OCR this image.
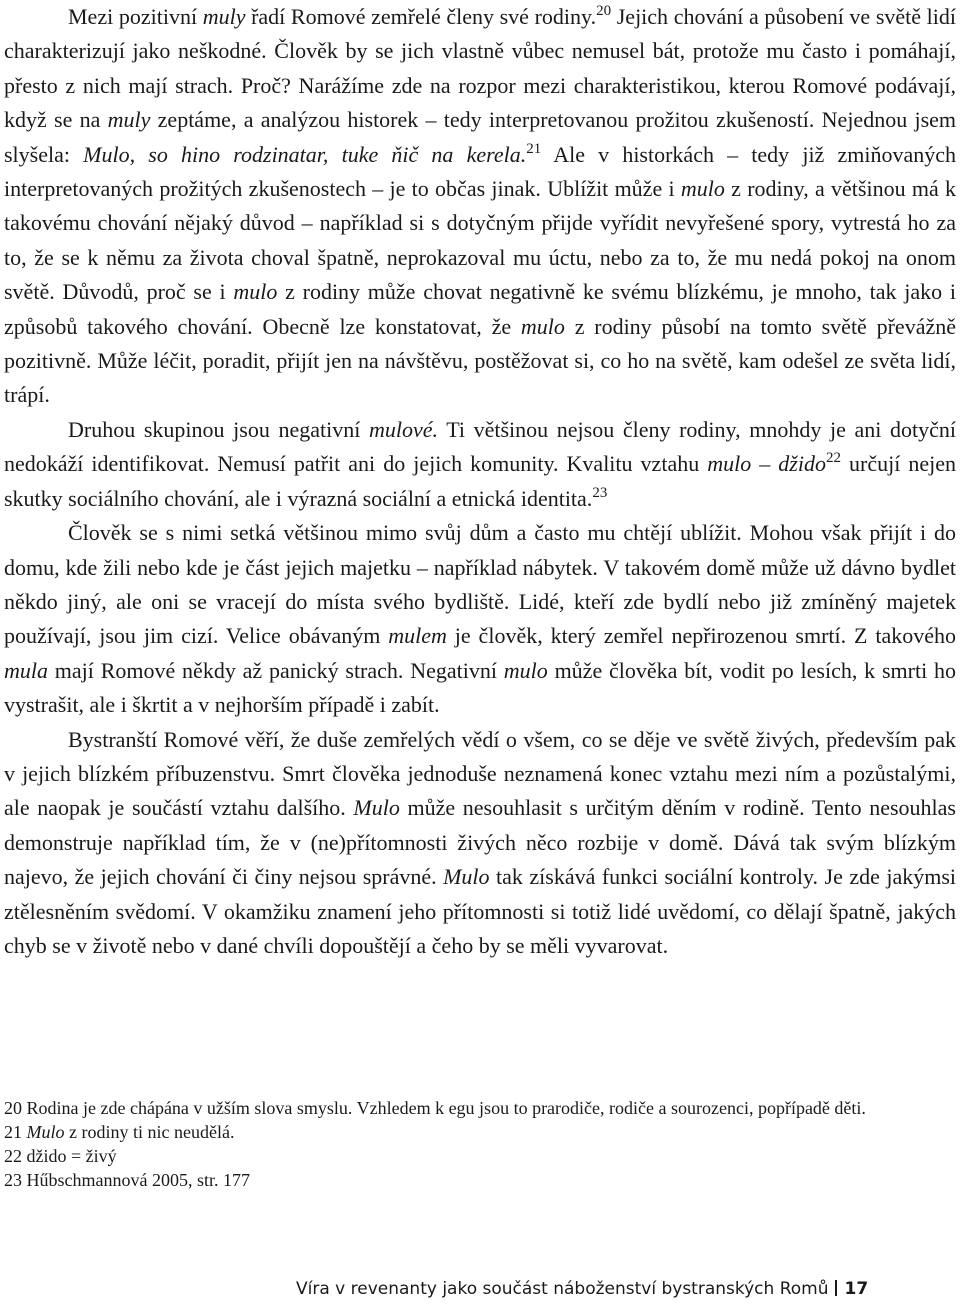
Mezi pozitivní muly řadí Romové zemřelé členy své rodiny.$^{20}$ Jejich chování a působení ve světě lidí charakterizují jako neškodné. Člověk by se jich vlastně vůbec nemusel bát, protože mu často i pomáhají, přesto z nich mají strach. Proč? Narážíme zde na rozpor mezi charakteristikou, kterou Romové podávají, když se na muly zeptáme, a analýzou historek – tedy interpretovanou prožitou zkušeností. Nejednou jsem slyšela: Mulo, so hino rodzinatar, tuke ňič na kerela.$^{21}$ Ale v historkách – tedy již zmiňovaných interpretovaných prožitých zkušenostech – je to občas jinak. Ublížit může i mulo z rodiny, a většinou má k takovému chování nějaký důvod – například si s dotyčným přijde vyřídit nevyřešené spory, vytrestá ho za to, že se k němu za života choval špatně, neprokazoval mu úctu, nebo za to, že mu nedá pokoj na onom světě. Důvodů, proč se i mulo z rodiny může chovat negativně ke svému blízkému, je mnoho, tak jako i způsobů takového chování. Obecně lze konstatovat, že mulo z rodiny působí na tomto světě převážně pozitivně. Může léčit, poradit, přijít jen na návštěvu, postěžovat si, co ho na světě, kam odešel ze světa lidí, trápí.

Druhou skupinou jsou negativní mulové. Ti většinou nejsou členy rodiny, mnohdy je ani dotyční nedokáží identifikovat. Nemusí patřit ani do jejich komunity. Kvalitu vztahu mulo – džido$^{22}$ určují nejen skutky sociálního chování, ale i výrazná sociální a etnická identita.$^{23}$

Člověk se s nimi setká většinou mimo svůj dům a často mu chtějí ublížit. Mohou však přijít i do domu, kde žili nebo kde je část jejich majetku – například nábytek. V takovém domě může už dávno bydlet někdo jiný, ale oni se vracejí do místa svého bydliště. Lidé, kteří zde bydlí nebo již zmíněný majetek používají, jsou jim cizí. Velice obávaným mulem je člověk, který zemřel nepřirozenou smrtí. Z takového mula mají Romové někdy až panický strach. Negativní mulo může člověka bít, vodit po lesích, k smrti ho vystrašit, ale i škrtit a v nejhorším případě i zabít.

Bystranští Romové věří, že duše zemřelých vědí o všem, co se děje ve světě živých, především pak v jejich blízkém příbuzenstvu. Smrt člověka jednoduše neznamená konec vztahu mezi ním a pozůstalými, ale naopak je součástí vztahu dalšího. Mulo může nesouhlasit s určitým děním v rodině. Tento nesouhlas demonstruje například tím, že v (ne)přítomnosti živých něco rozbije v domě. Dává tak svým blízkým najevo, že jejich chování či činy nejsou správné. Mulo tak získává funkci sociální kontroly. Je zde jakýmsi ztělesněním svědomí. V okamžiku znamení jeho přítomnosti si totiž lidé uvědomí, co dělají špatně, jakých chyb se v životě nebo v dané chvíli dopouštějí a čeho by se měli vyvarovat.

20 Rodina je zde chápána v užším slova smyslu. Vzhledem k egu jsou to prarodiče, rodiče a sourozenci, popřípadě děti.

21 Mulo z rodiny ti nic neudělá.

22 džido = živý

23 Hűbschmannová 2005, str. 177

Víra v revenanty jako součást náboženství bystranských Romů 17
